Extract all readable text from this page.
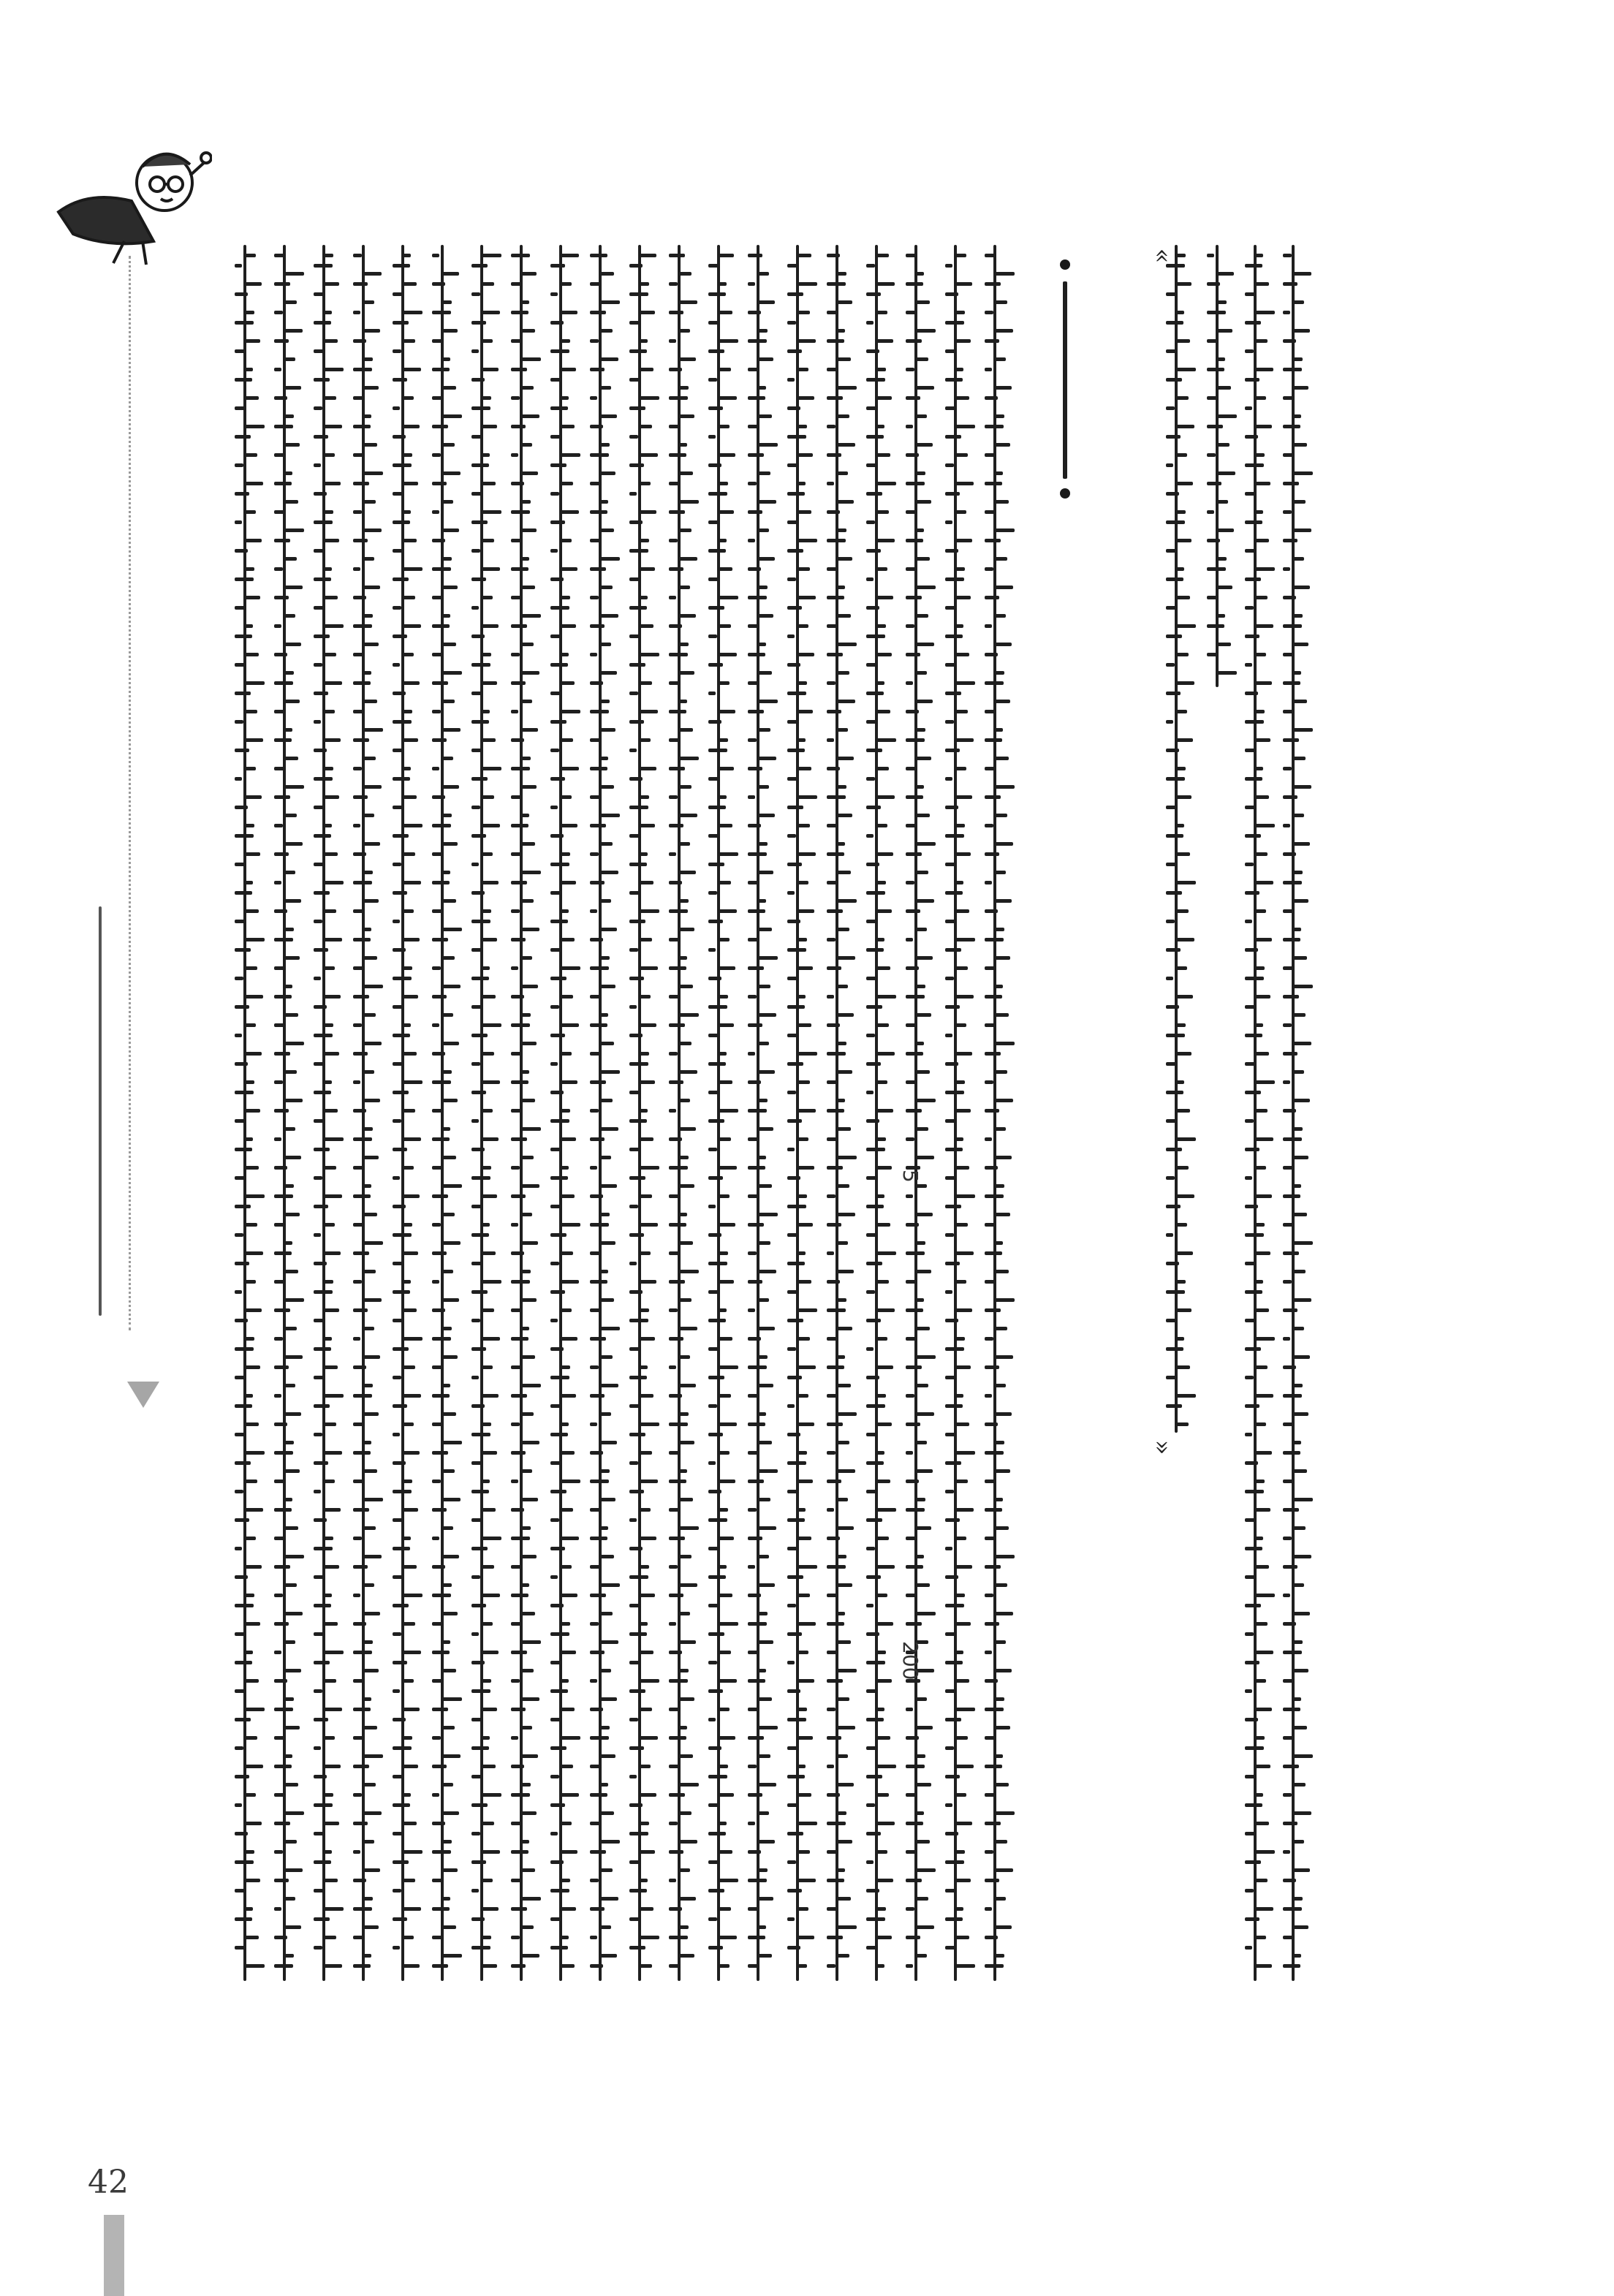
5
200
«
»
42
